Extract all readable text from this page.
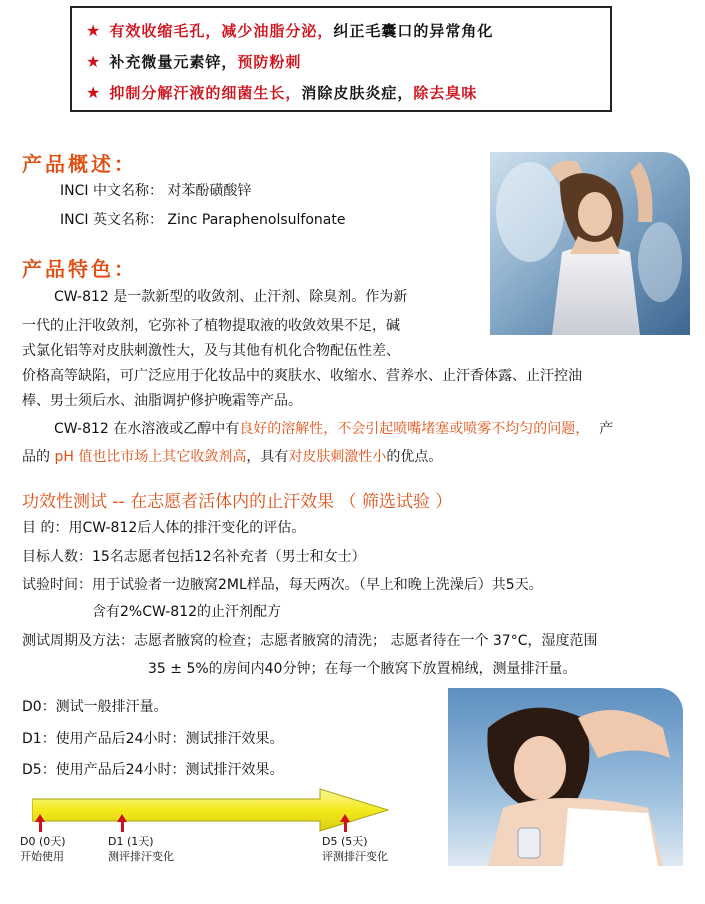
★ 有效收缩毛孔，减少油脂分泌，纠正毛囊口的异常角化
★ 补充微量元素锌，预防粉刺
★ 抑制分解汗液的细菌生长，消除皮肤炎症，除去臭味
产品概述：
INCI 中文名称： 对苯酚磺酸锌
INCI 英文名称： Zinc Paraphenolsulfonate
产品特色：
CW-812 是一款新型的收敛剂、止汗剂、除臭剂。作为新
一代的止汗收敛剂，它弥补了植物提取液的收敛效果不足，碱
式氯化铝等对皮肤刺激性大，及与其他有机化合物配伍性差、
价格高等缺陷，可广泛应用于化妆品中的爽肤水、收缩水、营养水、止汗香体露、止汗控油
棒、男士须后水、油脂调护修护晚霜等产品。
CW-812 在水溶液或乙醇中有良好的溶解性，不会引起喷嘴堵塞或喷雾不均匀的问题， 产
品的 pH 值也比市场上其它收敛剂高，具有对皮肤刺激性小的优点。
功效性测试 -- 在志愿者活体内的止汗效果 （ 筛选试验 ）
目 的：用CW-812后人体的排汗变化的评估。
目标人数：15名志愿者包括12名补充者（男士和女士）
试验时间：用于试验者一边腋窝2ML样品，每天两次。（早上和晚上洗澡后）共5天。
含有2%CW-812的止汗剂配方
测试周期及方法：志愿者腋窝的检查；志愿者腋窝的清洗； 志愿者待在一个 37°C，湿度范围
35 ± 5%的房间内40分钟；在每一个腋窝下放置棉绒，测量排汗量。
D0：测试一般排汗量。
D1：使用产品后24小时：测试排汗效果。
D5：使用产品后24小时：测试排汗效果。
D0 (0天)
开始使用
D1 (1天)
测评排汗变化
D5 (5天)
评测排汗变化
